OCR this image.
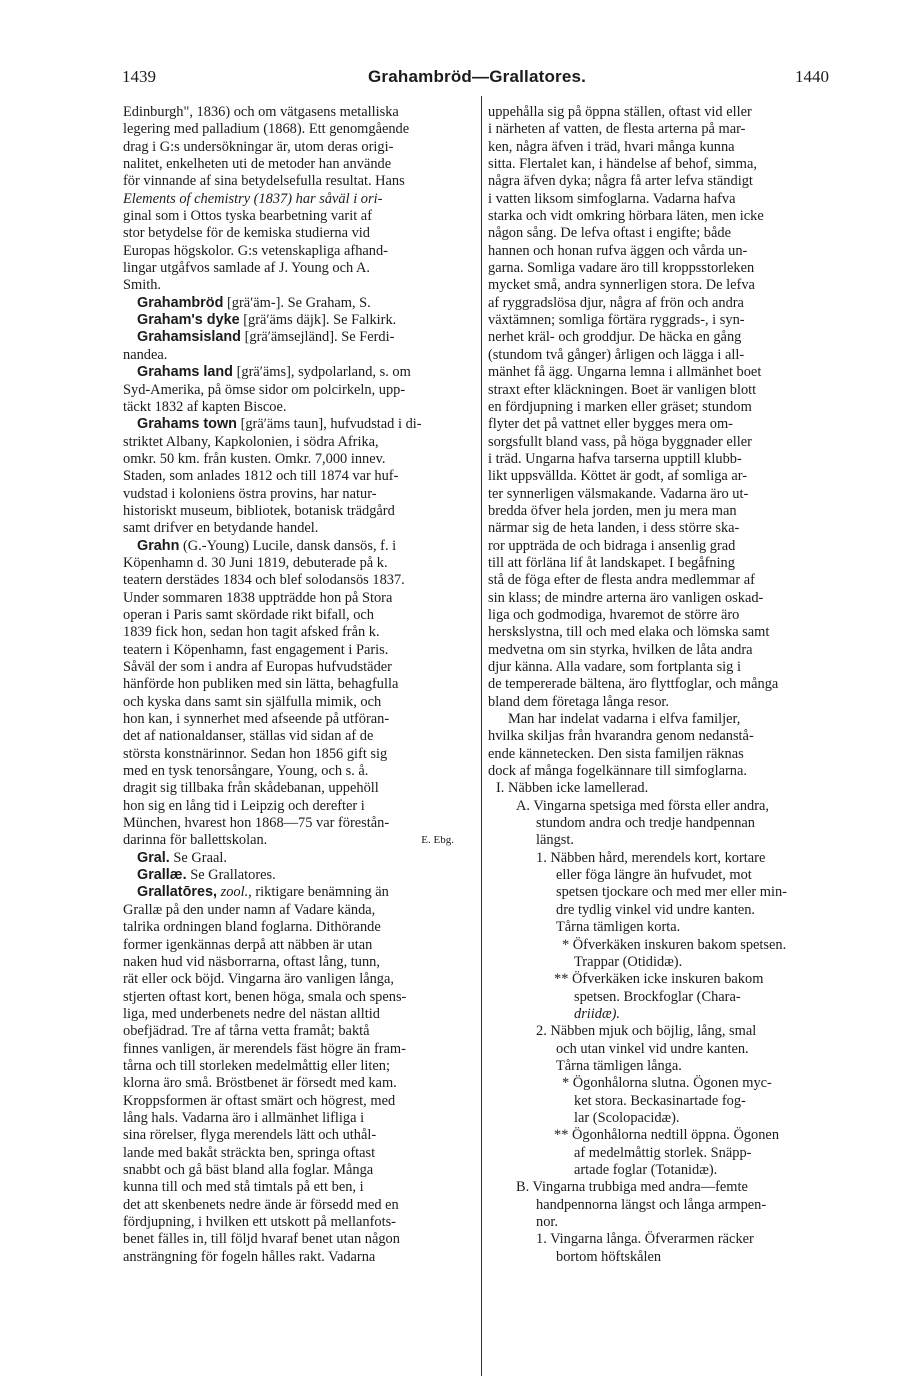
1439	Grahambröd—Grallatores.	1440
Edinburgh", 1836) och om vätgasens metalliska
legering med palladium (1868). Ett genomgående
drag i G:s undersökningar är, utom deras origi-
nalitet, enkelheten uti de metoder han använde
för vinnande af sina betydelsefulla resultat. Hans
Elements of chemistry (1837) har såväl i ori-
ginal som i Ottos tyska bearbetning varit af
stor betydelse för de kemiska studierna vid
Europas högskolor. G:s vetenskapliga afhand-
lingar utgåfvos samlade af J. Young och A.
Smith.
Grahambröd [gräʹäm-]. Se Graham, S.
Graham's dyke [gräʹäms däjk]. Se Falkirk.
Grahamsisland [gräʹämsejländ]. Se Ferdi-
nandea.
Grahams land [gräʹäms], sydpolarland, s. om
Syd-Amerika, på ömse sidor om polcirkeln, upp-
täckt 1832 af kapten Biscoe.
Grahams town [gräʹäms taun], hufvudstad i di-
striktet Albany, Kapkolonien, i södra Afrika,
omkr. 50 km. från kusten. Omkr. 7,000 innev.
Staden, som anlades 1812 och till 1874 var huf-
vudstad i koloniens östra provins, har natur-
historiskt museum, bibliotek, botanisk trädgård
samt drifver en betydande handel.
Grahn (G.-Young) Lucile, dansk dansös, f. i
Köpenhamn d. 30 Juni 1819, debuterade på k.
teatern derstädes 1834 och blef solodansös 1837.
Under sommaren 1838 uppträdde hon på Stora
operan i Paris samt skördade rikt bifall, och
1839 fick hon, sedan hon tagit afsked från k.
teatern i Köpenhamn, fast engagement i Paris.
Såväl der som i andra af Europas hufvudstäder
hänförde hon publiken med sin lätta, behagfulla
och kyska dans samt sin själfulla mimik, och
hon kan, i synnerhet med afseende på utföran-
det af nationaldanser, ställas vid sidan af de
största konstnärinnor. Sedan hon 1856 gift sig
med en tysk tenorsångare, Young, och s. å.
dragit sig tillbaka från skådebanan, uppehöll
hon sig en lång tid i Leipzig och derefter i
München, hvarest hon 1868—75 var förestån-
darinna för ballettskolan.	E. Ebg.
Gral. Se Graal.
Grallæ. Se Grallatores.
Grallatōres, zool., riktigare benämning än
Grallæ på den under namn af Vadare kända,
talrika ordningen bland foglarna. Dithörande
former igenkännas derpå att näbben är utan
naken hud vid näsborrarna, oftast lång, tunn,
rät eller ock böjd. Vingarna äro vanligen långa,
stjerten oftast kort, benen höga, smala och spens-
liga, med underbenets nedre del nästan alltid
obefjädrad. Tre af tårna vetta framåt; baktå
finnes vanligen, är merendels fäst högre än fram-
tårna och till storleken medelmåttig eller liten;
klorna äro små. Bröstbenet är försedt med kam.
Kroppsformen är oftast smärt och högrest, med
lång hals. Vadarna äro i allmänhet lifliga i
sina rörelser, flyga merendels lätt och uthål-
lande med bakåt sträckta ben, springa oftast
snabbt och gå bäst bland alla foglar. Många
kunna till och med stå timtals på ett ben, i
det att skenbenets nedre ände är försedd med en
fördjupning, i hvilken ett utskott på mellanfots-
benet fälles in, till följd hvaraf benet utan någon
ansträngning för fogeln hålles rakt. Vadarna
uppehålla sig på öppna ställen, oftast vid eller
i närheten af vatten, de flesta arterna på mar-
ken, några äfven i träd, hvari många kunna
sitta. Flertalet kan, i händelse af behof, simma,
några äfven dyka; några få arter lefva ständigt
i vatten liksom simfoglarna. Vadarna hafva
starka och vidt omkring hörbara läten, men icke
någon sång. De lefva oftast i engifte; både
hannen och honan rufva äggen och vårda un-
garna. Somliga vadare äro till kroppsstorleken
mycket små, andra synnerligen stora. De lefva
af ryggradslösa djur, några af frön och andra
växtämnen; somliga förtära ryggrads-, i syn-
nerhet kräl- och groddjur. De häcka en gång
(stundom två gånger) årligen och lägga i all-
mänhet få ägg. Ungarna lemna i allmänhet boet
straxt efter kläckningen. Boet är vanligen blott
en fördjupning i marken eller gräset; stundom
flyter det på vattnet eller bygges mera om-
sorgsfullt bland vass, på höga byggnader eller
i träd. Ungarna hafva tarserna upptill klubb-
likt uppsvällda. Köttet är godt, af somliga ar-
ter synnerligen välsmakande. Vadarna äro ut-
bredda öfver hela jorden, men ju mera man
närmar sig de heta landen, i dess större ska-
ror uppträda de och bidraga i ansenlig grad
till att förläna lif åt landskapet. I begåfning
stå de föga efter de flesta andra medlemmar af
sin klass; de mindre arterna äro vanligen oskad-
liga och godmodiga, hvaremot de större äro
herskslystna, till och med elaka och lömska samt
medvetna om sin styrka, hvilken de låta andra
djur känna. Alla vadare, som fortplanta sig i
de tempererade bältena, äro flyttfoglar, och många
bland dem företaga långa resor.
Man har indelat vadarna i elfva familjer,
hvilka skiljas från hvarandra genom nedanstå-
ende kännetecken. Den sista familjen räknas
dock af många fogelkännare till simfoglarna.
I. Näbben icke lamellerad.
A. Vingarna spetsiga med första eller andra,
stundom andra och tredje handpennan
längst.
1. Näbben hård, merendels kort, kortare
eller föga längre än hufvudet, mot
spetsen tjockare och med mer eller min-
dre tydlig vinkel vid undre kanten.
Tårna tämligen korta.
* Öfverkäken inskuren bakom spetsen.
Trappar (Otididæ).
** Öfverkäken icke inskuren bakom
spetsen. Brockfoglar (Chara-
driidæ).
2. Näbben mjuk och böjlig, lång, smal
och utan vinkel vid undre kanten.
Tårna tämligen långa.
* Ögonhålorna slutna. Ögonen myc-
ket stora. Beckasinartade fog-
lar (Scolopacidæ).
** Ögonhålorna nedtill öppna. Ögonen
af medelmåttig storlek. Snäpp-
artade foglar (Totanidæ).
B. Vingarna trubbiga med andra—femte
handpennorna längst och långa armpen-
nor.
1. Vingarna långa. Öfverarmen räcker
bortom höftskålen
